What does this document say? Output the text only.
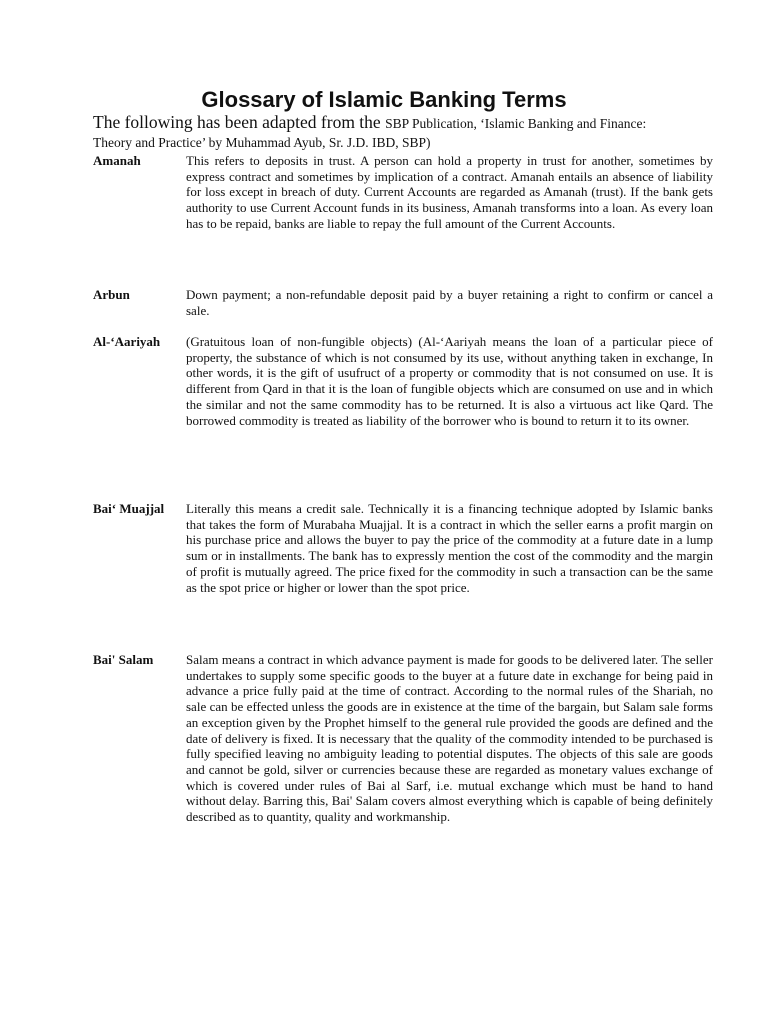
Glossary of Islamic Banking Terms
The following has been adapted from the SBP Publication, ‘Islamic Banking and Finance:
Theory and Practice’ by Muhammad Ayub, Sr. J.D. IBD, SBP)
Amanah	This refers to deposits in trust. A person can hold a property in trust for another, sometimes by express contract and sometimes by implication of a contract. Amanah entails an absence of liability for loss except in breach of duty. Current Accounts are regarded as Amanah (trust). If the bank gets authority to use Current Account funds in its business, Amanah transforms into a loan. As every loan has to be repaid, banks are liable to repay the full amount of the Current Accounts.

Arbun	Down payment; a non-refundable deposit paid by a buyer retaining a right to confirm or cancel a sale.

Al-‘Aariyah	(Gratuitous loan of non-fungible objects) (Al-‘Aariyah means the loan of a particular piece of property, the substance of which is not consumed by its use, without anything taken in exchange, In other words, it is the gift of usufruct of a property or commodity that is not consumed on use. It is different from Qard in that it is the loan of fungible objects which are consumed on use and in which the similar and not the same commodity has to be returned. It is also a virtuous act like Qard. The borrowed commodity is treated as liability of the borrower who is bound to return it to its owner.

Bai‘ Muajjal	Literally this means a credit sale. Technically it is a financing technique adopted by Islamic banks that takes the form of Murabaha Muajjal. It is a contract in which the seller earns a profit margin on his purchase price and allows the buyer to pay the price of the commodity at a future date in a lump sum or in installments. The bank has to expressly mention the cost of the commodity and the margin of profit is mutually agreed. The price fixed for the commodity in such a transaction can be the same as the spot price or higher or lower than the spot price.

Bai' Salam	Salam means a contract in which advance payment is made for goods to be delivered later. The seller undertakes to supply some specific goods to the buyer at a future date in exchange for being paid in advance a price fully paid at the time of contract. According to the normal rules of the Shariah, no sale can be effected unless the goods are in existence at the time of the bargain, but Salam sale forms an exception given by the Prophet himself to the general rule provided the goods are defined and the date of delivery is fixed. It is necessary that the quality of the commodity intended to be purchased is fully specified leaving no ambiguity leading to potential disputes. The objects of this sale are goods and cannot be gold, silver or currencies because these are regarded as monetary values exchange of which is covered under rules of Bai al Sarf, i.e. mutual exchange which must be hand to hand without delay. Barring this, Bai' Salam covers almost everything which is capable of being definitely described as to quantity, quality and workmanship.
